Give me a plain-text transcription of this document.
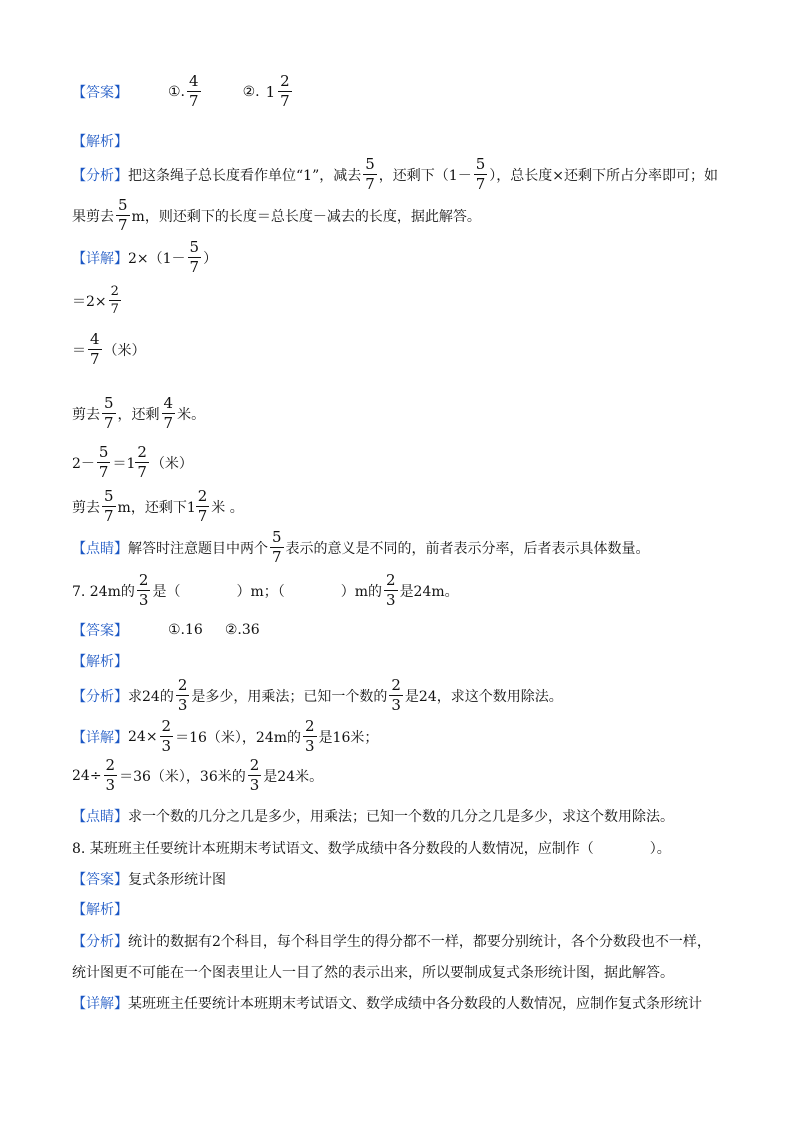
【答案】	①. $\frac{4}{7}$	②. $1 \frac{2}{7}$
【解析】
【分析】 把这条绳子总长度看作单位“1”，减去 $\frac{5}{7}$ ，还剩下（$1- \frac{5}{7}$ ），总长度×还剩下所占分率即可；如
果剪去 $\frac{5}{7}$ m，则还剩下的长度＝总长度－减去的长度，据此解答。
【详解】 $2\times(1- \frac{5}{7}$ ）
$=2\times \frac{2}{7}$
＝ $\frac{4}{7}$ （米）
剪去 $\frac{5}{7}$ ，还剩 $\frac{4}{7}$ 米。
$2- \frac{5}{7} =1 \frac{2}{7}$ （米）
剪去 $\frac{5}{7}$ m，还剩下$1 \frac{2}{7}$ 米 。
【点睛】 解答时注意题目中两个 $\frac{5}{7}$ 表示的意义是不同的，前者表示分率，后者表示具体数量。
7. 24m的 $\frac{2}{3}$ 是（　　　　）m；（　　　　）m的 $\frac{2}{3}$ 是24m。
【答案】	①. 16 ②. 36
【解析】
【分析】 求24的 $\frac{2}{3}$ 是多少，用乘法；已知一个数的 $\frac{2}{3}$ 是24，求这个数用除法。
【详解】 $24\times \frac{2}{3} =16$（米），24m的 $\frac{2}{3}$ 是16米；
$24\div \frac{2}{3} =36$（米），36米的 $\frac{2}{3}$ 是24米。
【点睛】 求一个数的几分之几是多少，用乘法；已知一个数的几分之几是多少，求这个数用除法。
8. 某班班主任要统计本班期末考试语文、数学成绩中各分数段的人数情况，应制作（　　　　）。
【答案】 复式条形统计图
【解析】
【分析】 统计的数据有2个科目，每个科目学生的得分都不一样，都要分别统计，各个分数段也不一样，
统计图更不可能在一个图表里让人一目了然的表示出来，所以要制成复式条形统计图，据此解答。
【详解】 某班班主任要统计本班期末考试语文、数学成绩中各分数段的人数情况，应制作复式条形统计
